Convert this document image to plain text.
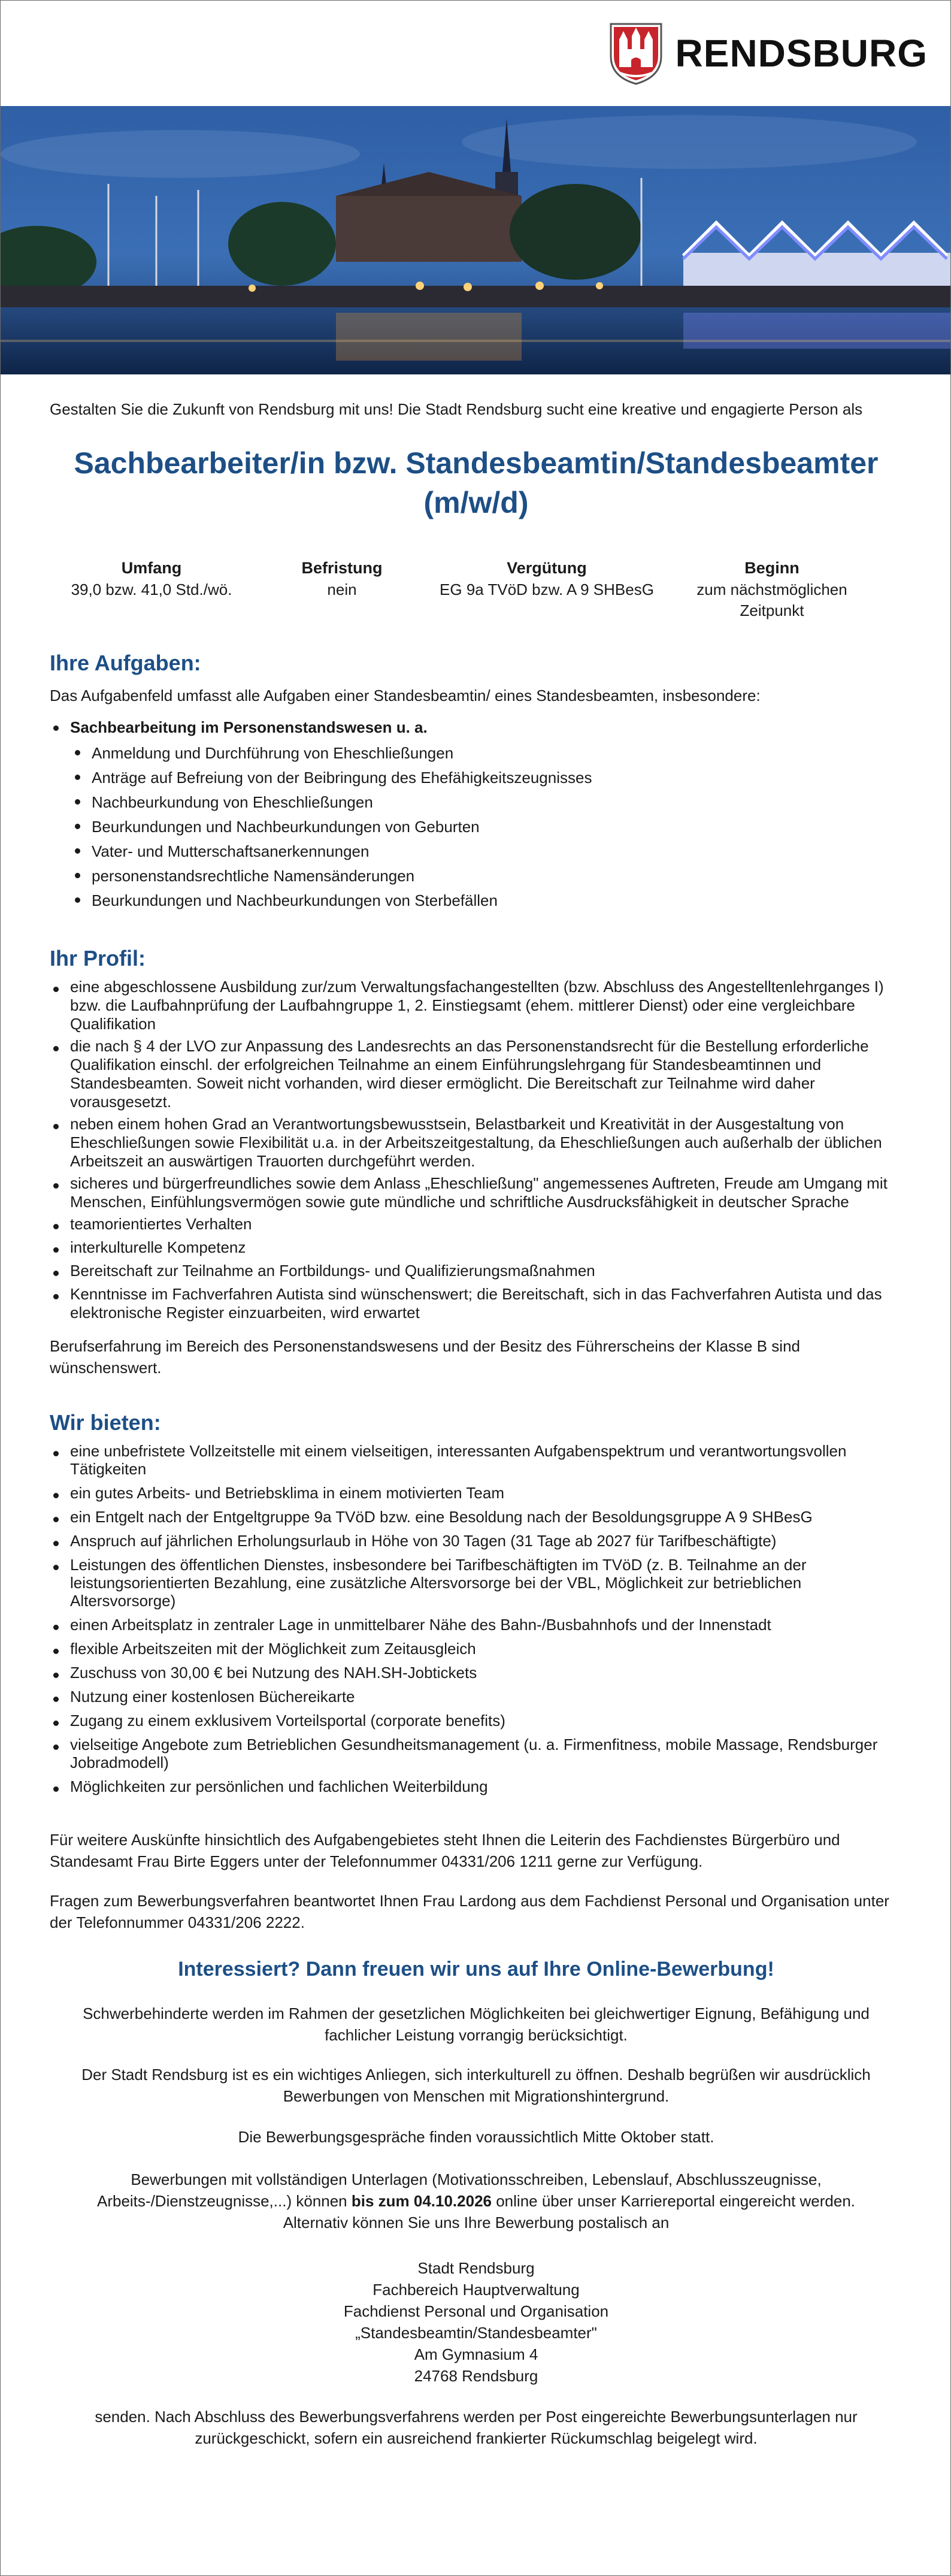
RENDSBURG

Gestalten Sie die Zukunft von Rendsburg mit uns! Die Stadt Rendsburg sucht eine kreative und engagierte Person als

Sachbearbeiter/in bzw. Standesbeamtin/Standesbeamter
(m/w/d)
Umfang
39,0 bzw. 41,0 Std./wö.
Befristung
nein
Vergütung
EG 9a TVöD bzw. A 9 SHBesG
Beginn
zum nächstmöglichen Zeitpunkt
Ihre Aufgaben:

Das Aufgabenfeld umfasst alle Aufgaben einer Standesbeamtin/ eines Standesbeamten, insbesondere:

Sachbearbeitung im Personenstandswesen u. a.
Anmeldung und Durchführung von Eheschließungen
Anträge auf Befreiung von der Beibringung des Ehefähigkeitszeugnisses
Nachbeurkundung von Eheschließungen
Beurkundungen und Nachbeurkundungen von Geburten
Vater- und Mutterschaftsanerkennungen
personenstandsrechtliche Namensänderungen
Beurkundungen und Nachbeurkundungen von Sterbefällen
Ihr Profil:
eine abgeschlossene Ausbildung zur/zum Verwaltungsfachangestellten (bzw. Abschluss des Angestelltenlehrganges I) bzw. die Laufbahnprüfung der Laufbahngruppe 1, 2. Einstiegsamt (ehem. mittlerer Dienst) oder eine vergleichbare Qualifikation
die nach § 4 der LVO zur Anpassung des Landesrechts an das Personenstandsrecht für die Bestellung erforderliche Qualifikation einschl. der erfolgreichen Teilnahme an einem Einführungslehrgang für Standesbeamtinnen und Standesbeamten. Soweit nicht vorhanden, wird dieser ermöglicht. Die Bereitschaft zur Teilnahme wird daher vorausgesetzt.
neben einem hohen Grad an Verantwortungsbewusstsein, Belastbarkeit und Kreativität in der Ausgestaltung von Eheschließungen sowie Flexibilität u.a. in der Arbeitszeitgestaltung, da Eheschließungen auch außerhalb der üblichen Arbeitszeit an auswärtigen Trauorten durchgeführt werden.
sicheres und bürgerfreundliches sowie dem Anlass „Eheschließung" angemessenes Auftreten, Freude am Umgang mit Menschen, Einfühlungsvermögen sowie gute mündliche und schriftliche Ausdrucksfähigkeit in deutscher Sprache
teamorientiertes Verhalten
interkulturelle Kompetenz
Bereitschaft zur Teilnahme an Fortbildungs- und Qualifizierungsmaßnahmen
Kenntnisse im Fachverfahren Autista sind wünschenswert; die Bereitschaft, sich in das Fachverfahren Autista und das elektronische Register einzuarbeiten, wird erwartet

Berufserfahrung im Bereich des Personenstandswesens und der Besitz des Führerscheins der Klasse B sind wünschenswert.

Wir bieten:
eine unbefristete Vollzeitstelle mit einem vielseitigen, interessanten Aufgabenspektrum und verantwortungsvollen Tätigkeiten
ein gutes Arbeits- und Betriebsklima in einem motivierten Team
ein Entgelt nach der Entgeltgruppe 9a TVöD bzw. eine Besoldung nach der Besoldungsgruppe A 9 SHBesG
Anspruch auf jährlichen Erholungsurlaub in Höhe von 30 Tagen (31 Tage ab 2027 für Tarifbeschäftigte)
Leistungen des öffentlichen Dienstes, insbesondere bei Tarifbeschäftigten im TVöD (z. B. Teilnahme an der leistungsorientierten Bezahlung, eine zusätzliche Altersvorsorge bei der VBL, Möglichkeit zur betrieblichen Altersvorsorge)
einen Arbeitsplatz in zentraler Lage in unmittelbarer Nähe des Bahn-/Busbahnhofs und der Innenstadt
flexible Arbeitszeiten mit der Möglichkeit zum Zeitausgleich
Zuschuss von 30,00 € bei Nutzung des NAH.SH-Jobtickets
Nutzung einer kostenlosen Büchereikarte
Zugang zu einem exklusivem Vorteilsportal (corporate benefits)
vielseitige Angebote zum Betrieblichen Gesundheitsmanagement (u. a. Firmenfitness, mobile Massage, Rendsburger Jobradmodell)
Möglichkeiten zur persönlichen und fachlichen Weiterbildung

Für weitere Auskünfte hinsichtlich des Aufgabengebietes steht Ihnen die Leiterin des Fachdienstes Bürgerbüro und Standesamt Frau Birte Eggers unter der Telefonnummer 04331/206 1211 gerne zur Verfügung.

Fragen zum Bewerbungsverfahren beantwortet Ihnen Frau Lardong aus dem Fachdienst Personal und Organisation unter der Telefonnummer 04331/206 2222.

Interessiert? Dann freuen wir uns auf Ihre Online-Bewerbung!

Schwerbehinderte werden im Rahmen der gesetzlichen Möglichkeiten bei gleichwertiger Eignung, Befähigung und fachlicher Leistung vorrangig berücksichtigt.

Der Stadt Rendsburg ist es ein wichtiges Anliegen, sich interkulturell zu öffnen. Deshalb begrüßen wir ausdrücklich Bewerbungen von Menschen mit Migrationshintergrund.

Die Bewerbungsgespräche finden voraussichtlich Mitte Oktober statt.

Bewerbungen mit vollständigen Unterlagen (Motivationsschreiben, Lebenslauf, Abschlusszeugnisse, Arbeits-/Dienstzeugnisse,...) können bis zum 04.10.2026 online über unser Karriereportal eingereicht werden. Alternativ können Sie uns Ihre Bewerbung postalisch an

Stadt Rendsburg
Fachbereich Hauptverwaltung
Fachdienst Personal und Organisation
„Standesbeamtin/Standesbeamter"
Am Gymnasium 4
24768 Rendsburg

senden. Nach Abschluss des Bewerbungsverfahrens werden per Post eingereichte Bewerbungsunterlagen nur zurückgeschickt, sofern ein ausreichend frankierter Rückumschlag beigelegt wird.
